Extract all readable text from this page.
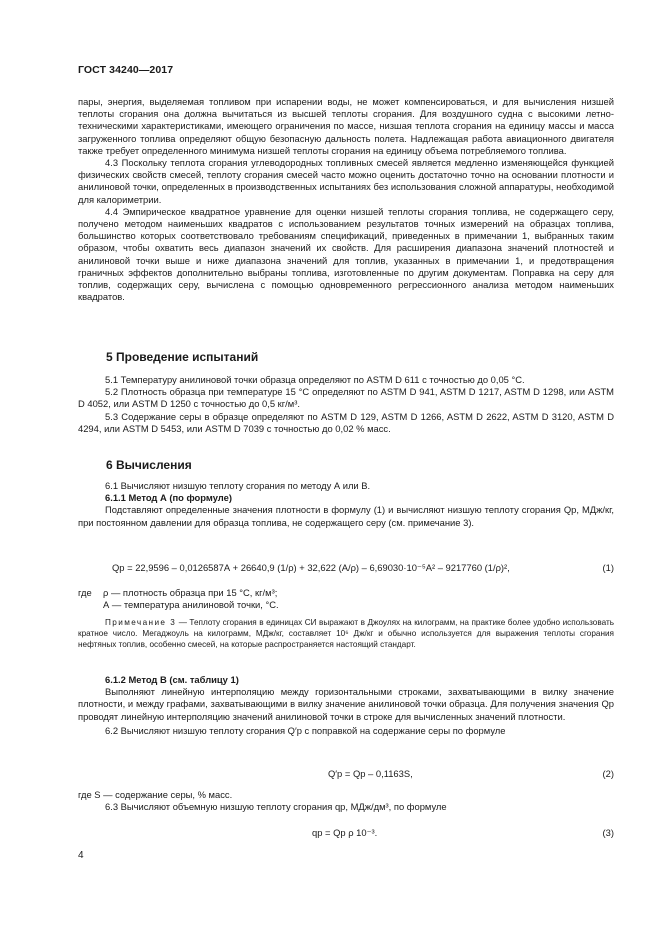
ГОСТ 34240—2017

пары, энергия, выделяемая топливом при испарении воды, не может компенсироваться, и для вычисления низшей теплоты сгорания она должна вычитаться из высшей теплоты сгорания. Для воздушного судна с высокими летно-техническими характеристиками, имеющего ограничения по массе, низшая теплота сгорания на единицу массы и масса загруженного топлива определяют общую безопасную дальность полета. Надлежащая работа авиационного двигателя также требует определенного минимума низшей теплоты сгорания на единицу объема потребляемого топлива.

4.3 Поскольку теплота сгорания углеводородных топливных смесей является медленно изменяющейся функцией физических свойств смесей, теплоту сгорания смесей часто можно оценить достаточно точно на основании плотности и анилиновой точки, определенных в производственных испытаниях без использования сложной аппаратуры, необходимой для калориметрии.

4.4 Эмпирическое квадратное уравнение для оценки низшей теплоты сгорания топлива, не содержащего серу, получено методом наименьших квадратов с использованием результатов точных измерений на образцах топлива, большинство которых соответствовало требованиям спецификаций, приведенных в примечании 1, выбранных таким образом, чтобы охватить весь диапазон значений их свойств. Для расширения диапазона значений плотностей и анилиновой точки выше и ниже диапазона значений для топлив, указанных в примечании 1, и предотвращения граничных эффектов дополнительно выбраны топлива, изготовленные по другим документам. Поправка на серу для топлив, содержащих серу, вычислена с помощью одновременного регрессионного анализа методом наименьших квадратов.

5 Проведение испытаний

5.1 Температуру анилиновой точки образца определяют по ASTM D 611 с точностью до 0,05 °С.

5.2 Плотность образца при температуре 15 °С определяют по ASTM D 941, ASTM D 1217, ASTM D 1298, или ASTM D 4052, или ASTM D 1250 с точностью до 0,5 кг/м³.

5.3 Содержание серы в образце определяют по ASTM D 129, ASTM D 1266, ASTM D 2622, ASTM D 3120, ASTM D 4294, или ASTM D 5453, или ASTM D 7039 с точностью до 0,02 % масс.

6 Вычисления

6.1 Вычисляют низшую теплоту сгорания по методу А или В.

6.1.1 Метод А (по формуле)

Подставляют определенные значения плотности в формулу (1) и вычисляют низшую теплоту сгорания Qр, МДж/кг, при постоянном давлении для образца топлива, не содержащего серу (см. примечание 3).

Qр = 22,9596 – 0,0126587А + 26640,9 (1/ρ) + 32,622 (А/ρ) – 6,69030·10⁻⁵А² – 9217760 (1/ρ)²,	(1)
где	ρ — плотность образца при 15 °С, кг/м³;
А — температура анилиновой точки, °С.

Примечание 3 — Теплоту сгорания в единицах СИ выражают в Джоулях на килограмм, на практике более удобно использовать кратное число. Мегаджоуль на килограмм, МДж/кг, составляет 10⁶ Дж/кг и обычно используется для выражения теплоты сгорания нефтяных топлив, особенно смесей, на которые распространяется настоящий стандарт.

6.1.2 Метод В (см. таблицу 1)

Выполняют линейную интерполяцию между горизонтальными строками, захватывающими в вилку значение плотности, и между графами, захватывающими в вилку значение анилиновой точки образца. Для получения значения Qр проводят линейную интерполяцию значений анилиновой точки в строке для вычисленных значений плотности.

6.2 Вычисляют низшую теплоту сгорания Q′р с поправкой на содержание серы по формуле

Q′р = Qр – 0,1163S,	(2)

где S — содержание серы, % масс.

6.3 Вычисляют объемную низшую теплоту сгорания qр, МДж/дм³, по формуле

qр = Qр ρ 10⁻³.	(3)
4
